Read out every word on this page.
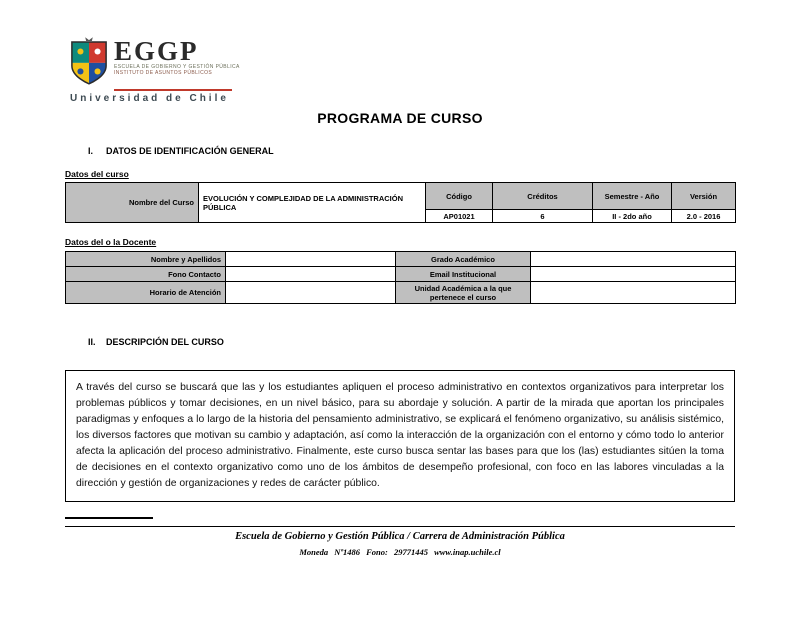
EGGP
ESCUELA DE GOBIERNO Y GESTIÓN PÚBLICA
INSTITUTO DE ASUNTOS PÚBLICOS
Universidad de Chile
PROGRAMA DE CURSO
I. DATOS DE IDENTIFICACIÓN GENERAL
Datos del curso
Nombre del Curso	EVOLUCIÓN Y COMPLEJIDAD DE LA ADMINISTRACIÓN PÚBLICA	Código	Créditos	Semestre - Año	Versión
		AP01021	6	II - 2do año	2.0 - 2016
Datos del o la Docente
Nombre y Apellidos		Grado Académico	
Fono Contacto		Email Institucional	
Horario de Atención		Unidad Académica a la que pertenece el curso	
II. DESCRIPCIÓN DEL CURSO
A través del curso se buscará que las y los estudiantes apliquen el proceso administrativo en contextos organizativos para interpretar los problemas públicos y tomar decisiones, en un nivel básico, para su abordaje y solución. A partir de la mirada que aportan los principales paradigmas y enfoques a lo largo de la historia del pensamiento administrativo, se explicará el fenómeno organizativo, su análisis sistémico, los diversos factores que motivan su cambio y adaptación, así como la interacción de la organización con el entorno y cómo todo lo anterior afecta la aplicación del proceso administrativo. Finalmente, este curso busca sentar las bases para que los (las) estudiantes sitúen la toma de decisiones en el contexto organizativo como uno de los ámbitos de desempeño profesional, con foco en las labores vinculadas a la dirección y gestión de organizaciones y redes de carácter público.
Escuela de Gobierno y Gestión Pública / Carrera de Administración Pública
Moneda Nº1486 Fono: 29771445 www.inap.uchile.cl
